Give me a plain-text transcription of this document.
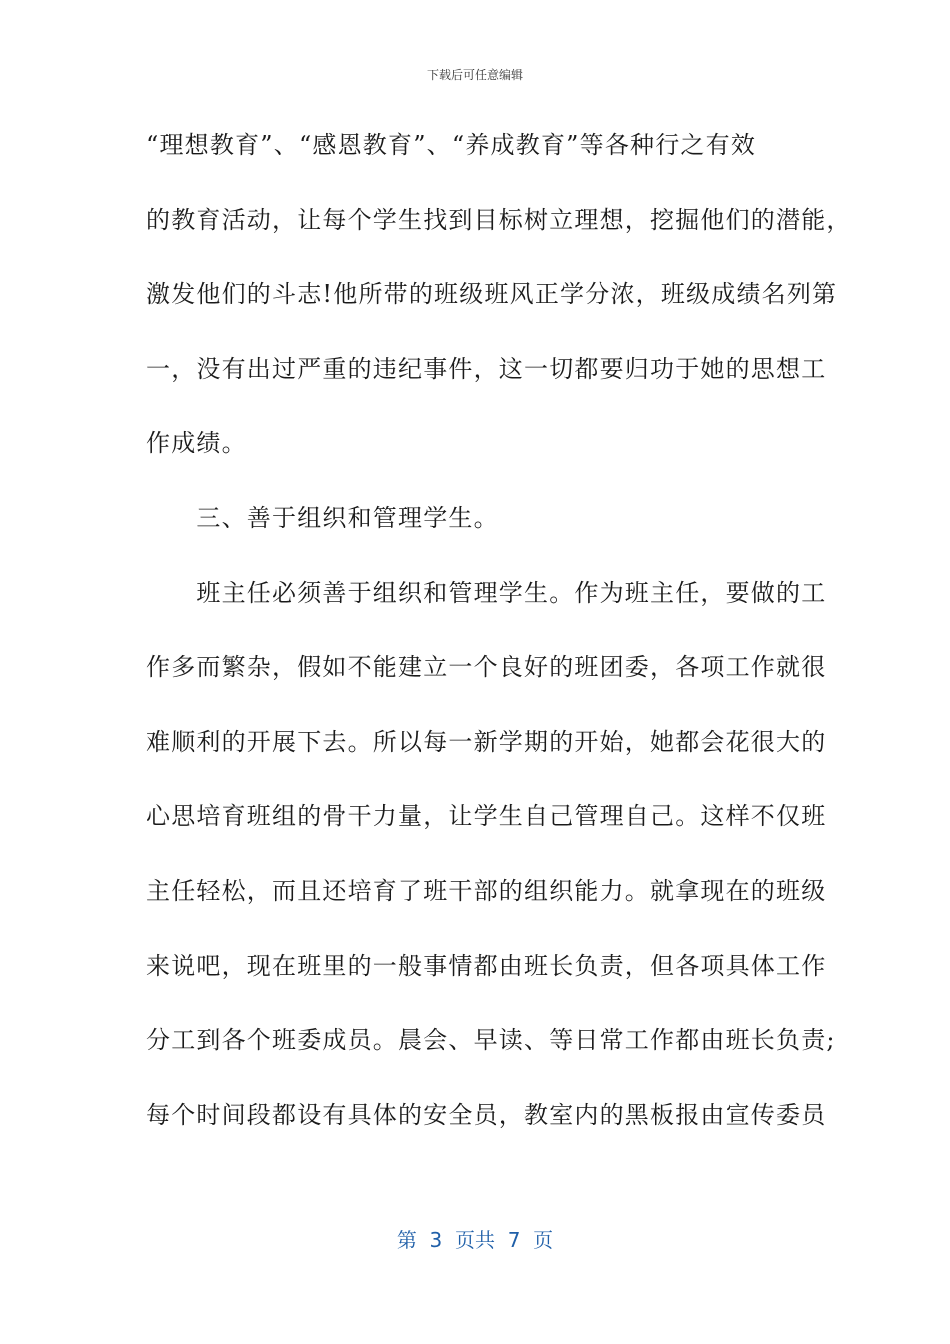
下载后可任意编辑
“理想教育”、“感恩教育”、“养成教育”等各种行之有效
的教育活动，让每个学生找到目标树立理想，挖掘他们的潜能，
激发他们的斗志!他所带的班级班风正学分浓，班级成绩名列第
一，没有出过严重的违纪事件，这一切都要归功于她的思想工
作成绩。
　　三、善于组织和管理学生。
　　班主任必须善于组织和管理学生。作为班主任，要做的工
作多而繁杂，假如不能建立一个良好的班团委，各项工作就很
难顺利的开展下去。所以每一新学期的开始，她都会花很大的
心思培育班组的骨干力量，让学生自己管理自己。这样不仅班
主任轻松，而且还培育了班干部的组织能力。就拿现在的班级
来说吧，现在班里的一般事情都由班长负责，但各项具体工作
分工到各个班委成员。晨会、早读、等日常工作都由班长负责;
每个时间段都设有具体的安全员，教室内的黑板报由宣传委员
第  3  页共  7  页
